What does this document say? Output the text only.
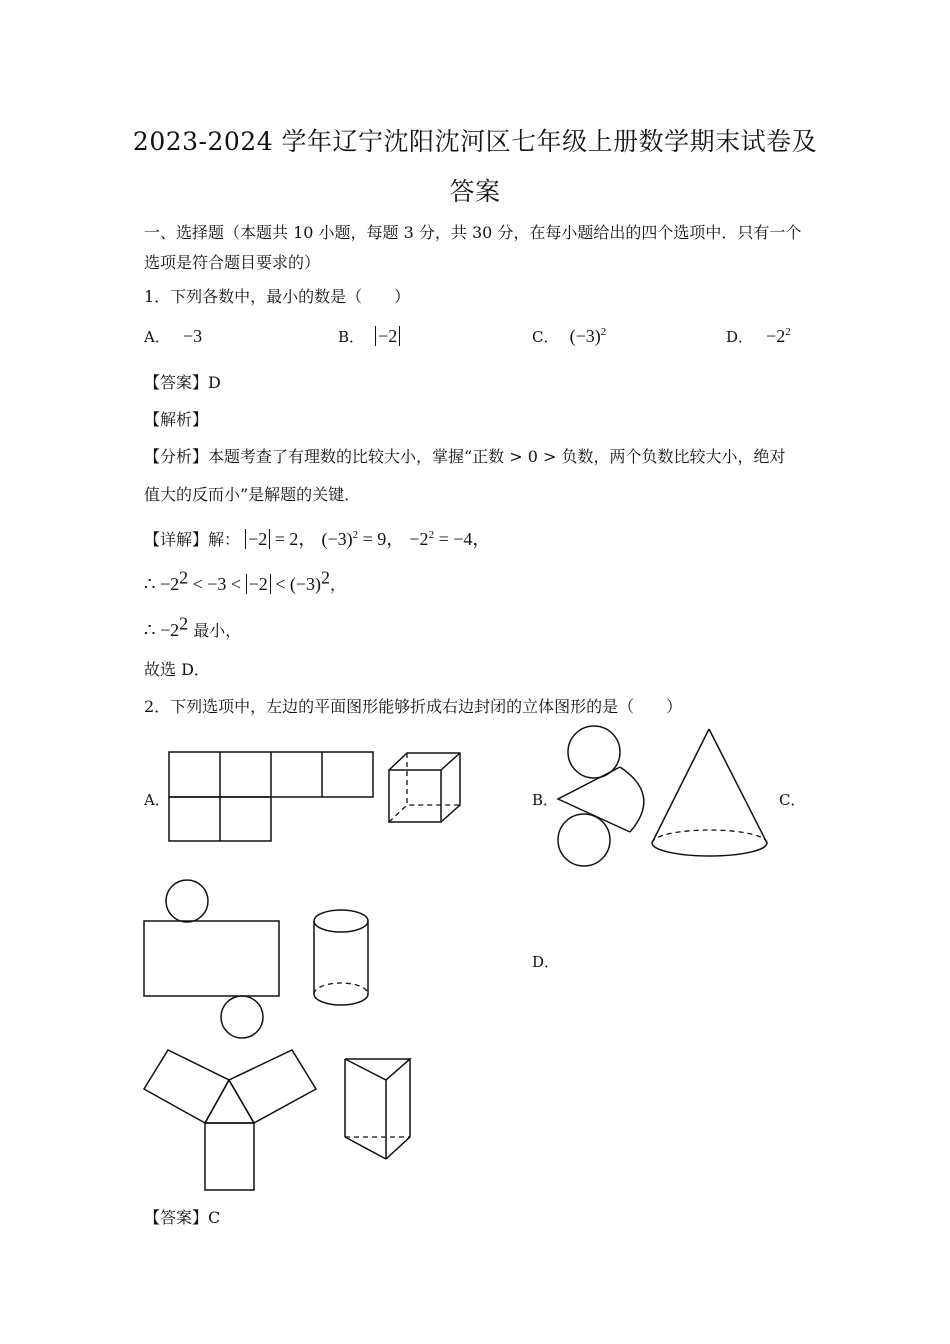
2023-2024 学年辽宁沈阳沈河区七年级上册数学期末试卷及
答案
一、选择题（本题共 10 小题，每题 3 分，共 30 分，在每小题给出的四个选项中．只有一个
选项是符合题目要求的）
1．下列各数中，最小的数是（　　）
A． −3	B． −2	C． $(-3)^2$	D． $-2^2$
【答案】D
【解析】
【分析】本题考查了有理数的比较大小，掌握“正数 > 0 > 负数，两个负数比较大小，绝对
值大的反而小”是解题的关键．
【详解】解： −2 = 2， $(-3)^2 = 9$， $-2^2 = -4$，
∴ $-2^2 < -3 < -2 < (-3)^2$，
∴ $-2^2$ 最小，
故选 D．
2．下列选项中，左边的平面图形能够折成右边封闭的立体图形的是（　　）
A．	B．	C．
D．
【答案】C
